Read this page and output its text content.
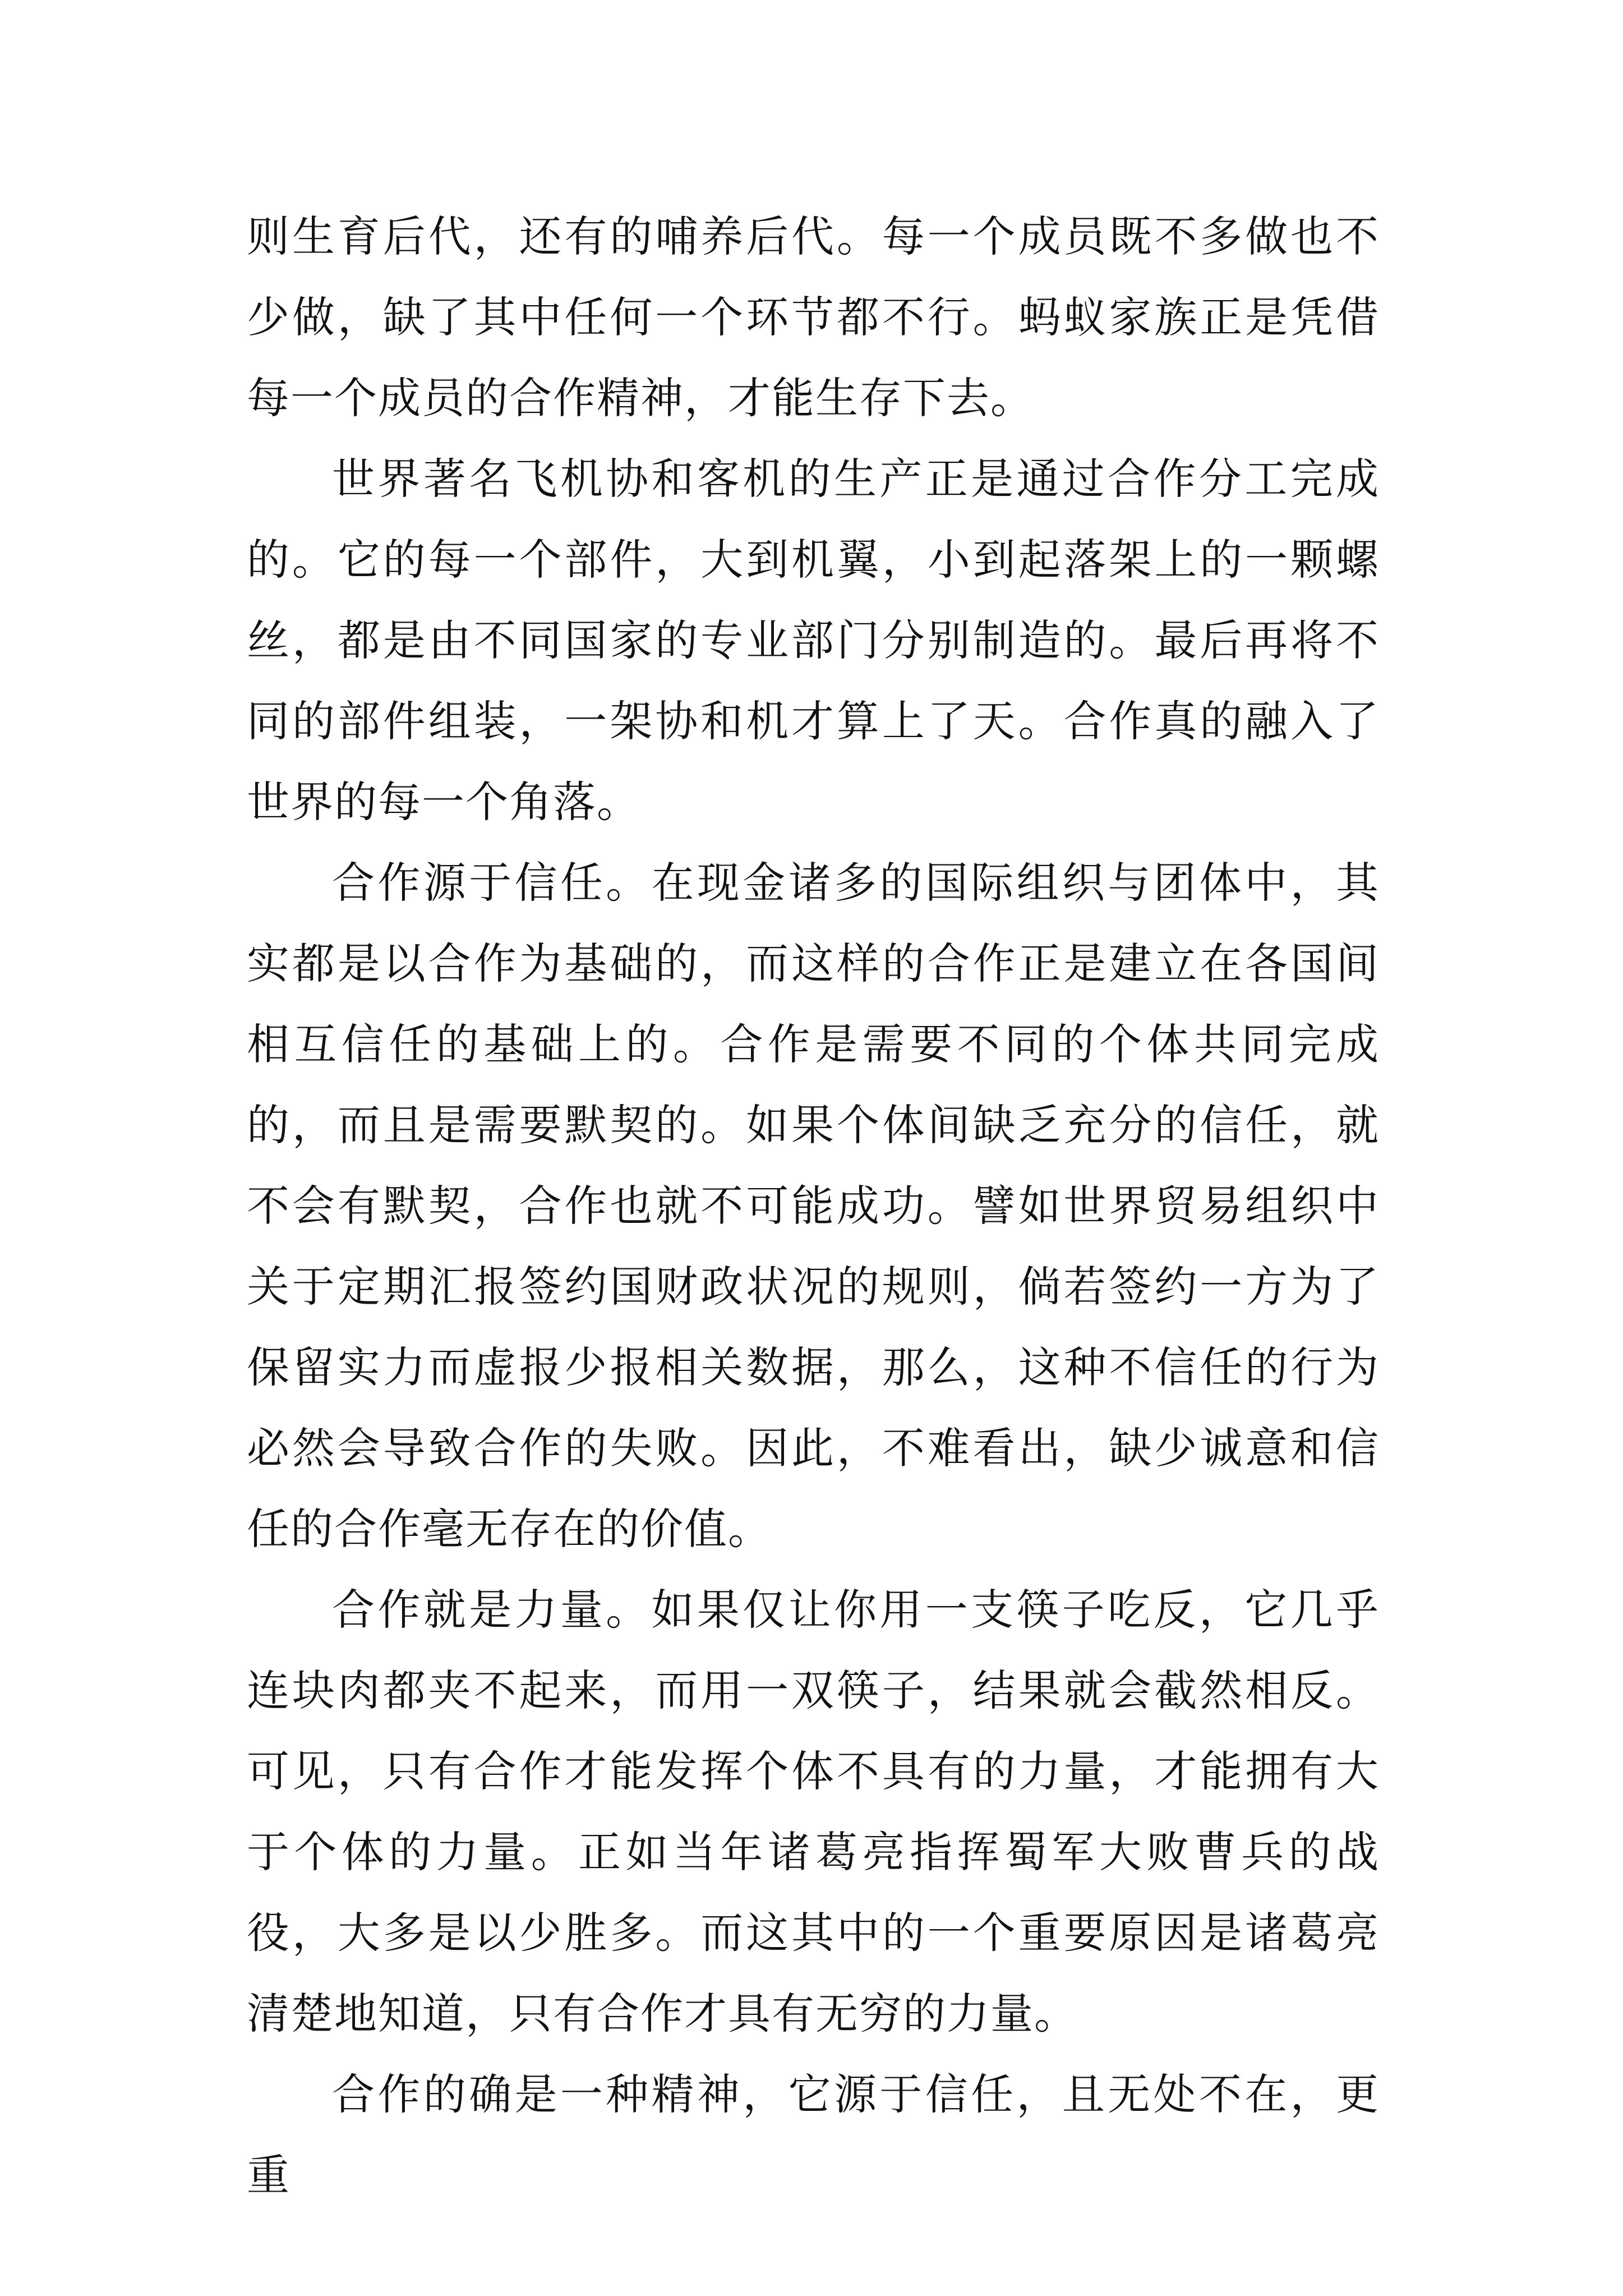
则生育后代，还有的哺养后代。每一个成员既不多做也不少做，缺了其中任何一个环节都不行。蚂蚁家族正是凭借每一个成员的合作精神，才能生存下去。

世界著名飞机协和客机的生产正是通过合作分工完成的。它的每一个部件，大到机翼，小到起落架上的一颗螺丝，都是由不同国家的专业部门分别制造的。最后再将不同的部件组装，一架协和机才算上了天。合作真的融入了世界的每一个角落。

合作源于信任。在现金诸多的国际组织与团体中，其实都是以合作为基础的，而这样的合作正是建立在各国间相互信任的基础上的。合作是需要不同的个体共同完成的，而且是需要默契的。如果个体间缺乏充分的信任，就不会有默契，合作也就不可能成功。譬如世界贸易组织中关于定期汇报签约国财政状况的规则，倘若签约一方为了保留实力而虚报少报相关数据，那么，这种不信任的行为必然会导致合作的失败。因此，不难看出，缺少诚意和信任的合作毫无存在的价值。

合作就是力量。如果仅让你用一支筷子吃反，它几乎连块肉都夹不起来，而用一双筷子，结果就会截然相反。可见，只有合作才能发挥个体不具有的力量，才能拥有大于个体的力量。正如当年诸葛亮指挥蜀军大败曹兵的战役，大多是以少胜多。而这其中的一个重要原因是诸葛亮清楚地知道，只有合作才具有无穷的力量。

合作的确是一种精神，它源于信任，且无处不在，更重
